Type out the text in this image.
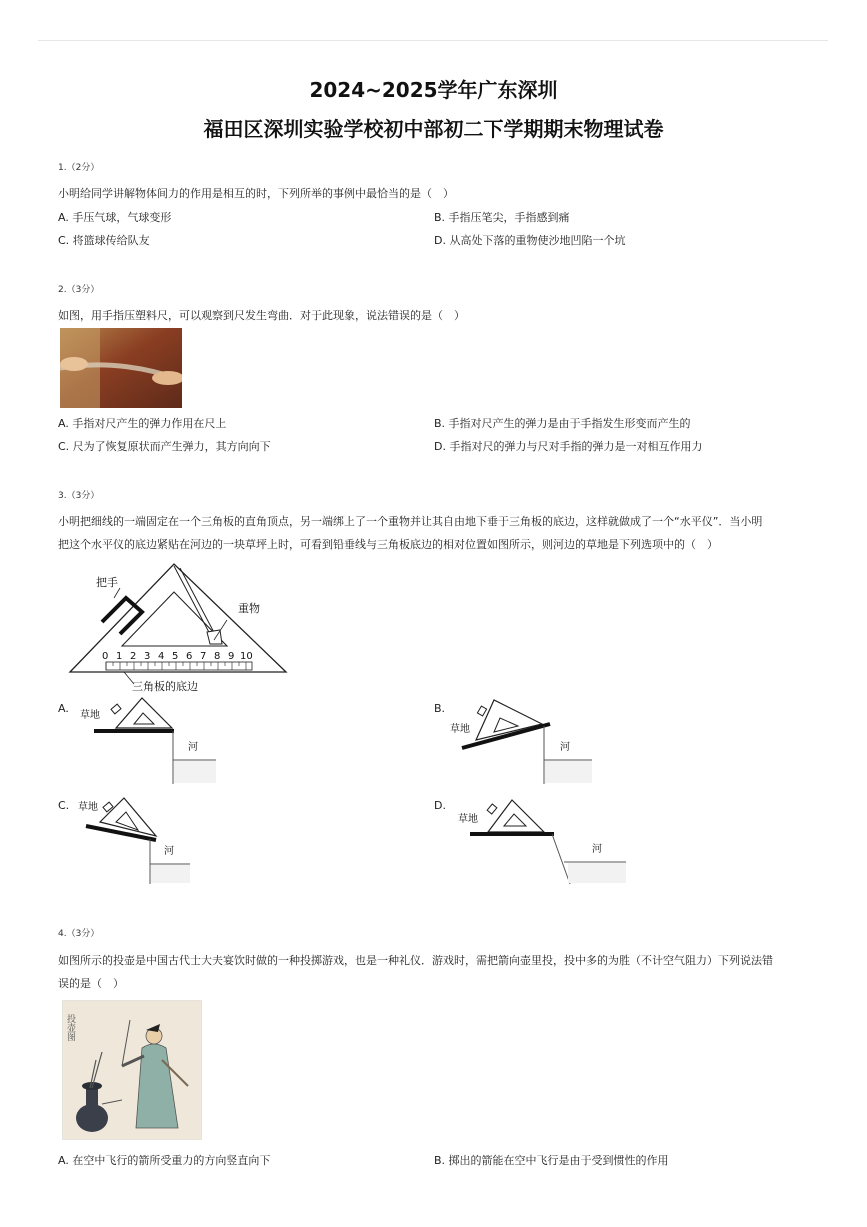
2024~2025学年广东深圳
福田区深圳实验学校初中部初二下学期期末物理试卷
1.（2分）
小明给同学讲解物体间力的作用是相互的时，下列所举的事例中最恰当的是（　）
A. 手压气球，气球变形	B. 手指压笔尖，手指感到痛
C. 将篮球传给队友	D. 从高处下落的重物使沙地凹陷一个坑
2.（3分）
如图，用手指压塑料尺，可以观察到尺发生弯曲．对于此现象，说法错误的是（　）
A. 手指对尺产生的弹力作用在尺上	B. 手指对尺产生的弹力是由于手指发生形变而产生的
C. 尺为了恢复原状而产生弹力，其方向向下	D. 手指对尺的弹力与尺对手指的弹力是一对相互作用力
3.（3分）
小明把细线的一端固定在一个三角板的直角顶点，另一端绑上了一个重物并让其自由地下垂于三角板的底边，这样就做成了一个“水平仪”．当小明
把这个水平仪的底边紧贴在河边的一块草坪上时，可看到铅垂线与三角板底边的相对位置如图所示，则河边的草地是下列选项中的（　）
把手
重物
三角板的底边
0 1 2 3 4 5 6 7 8 9 10
A.
草地
河
B.
草地
河
C. 草地
河
D.
草地
河
4.（3分）
如图所示的投壶是中国古代士大夫宴饮时做的一种投掷游戏，也是一种礼仪．游戏时，需把箭向壶里投，投中多的为胜（不计空气阻力）下列说法错
误的是（　）
投壶图
A. 在空中飞行的箭所受重力的方向竖直向下	B. 掷出的箭能在空中飞行是由于受到惯性的作用
